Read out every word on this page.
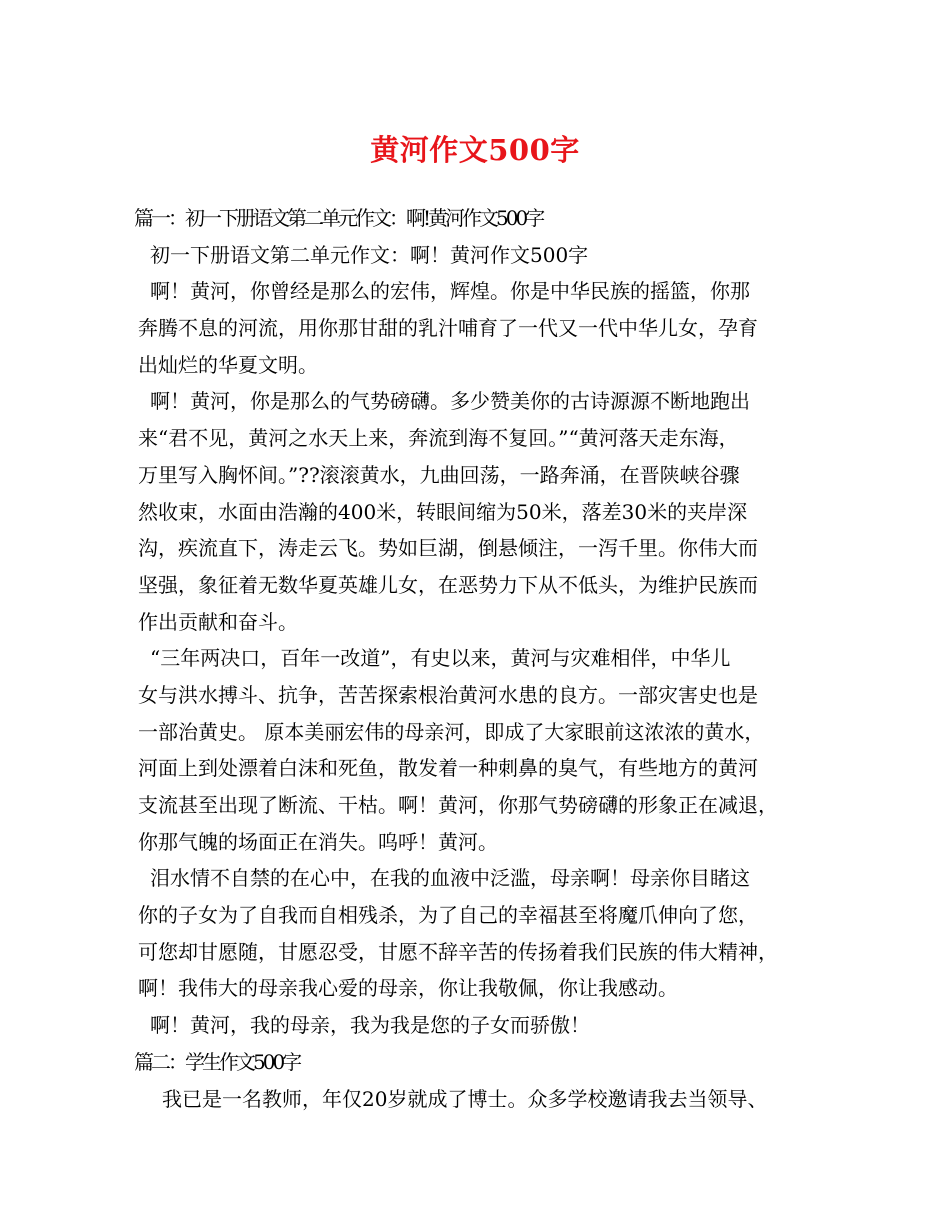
黄河作文500字
篇一：初一下册语文第二单元作文：啊!黄河作文500字
初一下册语文第二单元作文：啊！黄河作文500字
啊！黄河，你曾经是那么的宏伟，辉煌。你是中华民族的摇篮，你那
奔腾不息的河流，用你那甘甜的乳汁哺育了一代又一代中华儿女，孕育
出灿烂的华夏文明。
啊！黄河，你是那么的气势磅礴。多少赞美你的古诗源源不断地跑出
来“君不见，黄河之水天上来，奔流到海不复回。”“黄河落天走东海，
万里写入胸怀间。”??滚滚黄水，九曲回荡，一路奔涌，在晋陕峡谷骤
然收束，水面由浩瀚的400米，转眼间缩为50米，落差30米的夹岸深
沟，疾流直下，涛走云飞。势如巨湖，倒悬倾注，一泻千里。你伟大而
坚强，象征着无数华夏英雄儿女，在恶势力下从不低头，为维护民族而
作出贡献和奋斗。
“三年两决口，百年一改道”，有史以来，黄河与灾难相伴，中华儿
女与洪水搏斗、抗争，苦苦探索根治黄河水患的良方。一部灾害史也是
一部治黄史。 原本美丽宏伟的母亲河，即成了大家眼前这浓浓的黄水，
河面上到处漂着白沫和死鱼，散发着一种刺鼻的臭气，有些地方的黄河
支流甚至出现了断流、干枯。啊！黄河，你那气势磅礴的形象正在减退，
你那气魄的场面正在消失。呜呼！黄河。
泪水情不自禁的在心中，在我的血液中泛滥，母亲啊！母亲你目睹这
你的子女为了自我而自相残杀，为了自己的幸福甚至将魔爪伸向了您，
可您却甘愿随，甘愿忍受，甘愿不辞辛苦的传扬着我们民族的伟大精神，
啊！我伟大的母亲我心爱的母亲，你让我敬佩，你让我感动。
啊！黄河，我的母亲，我为我是您的子女而骄傲！
篇二：学生作文500字
我已是一名教师，年仅20岁就成了博士。众多学校邀请我去当领导、
